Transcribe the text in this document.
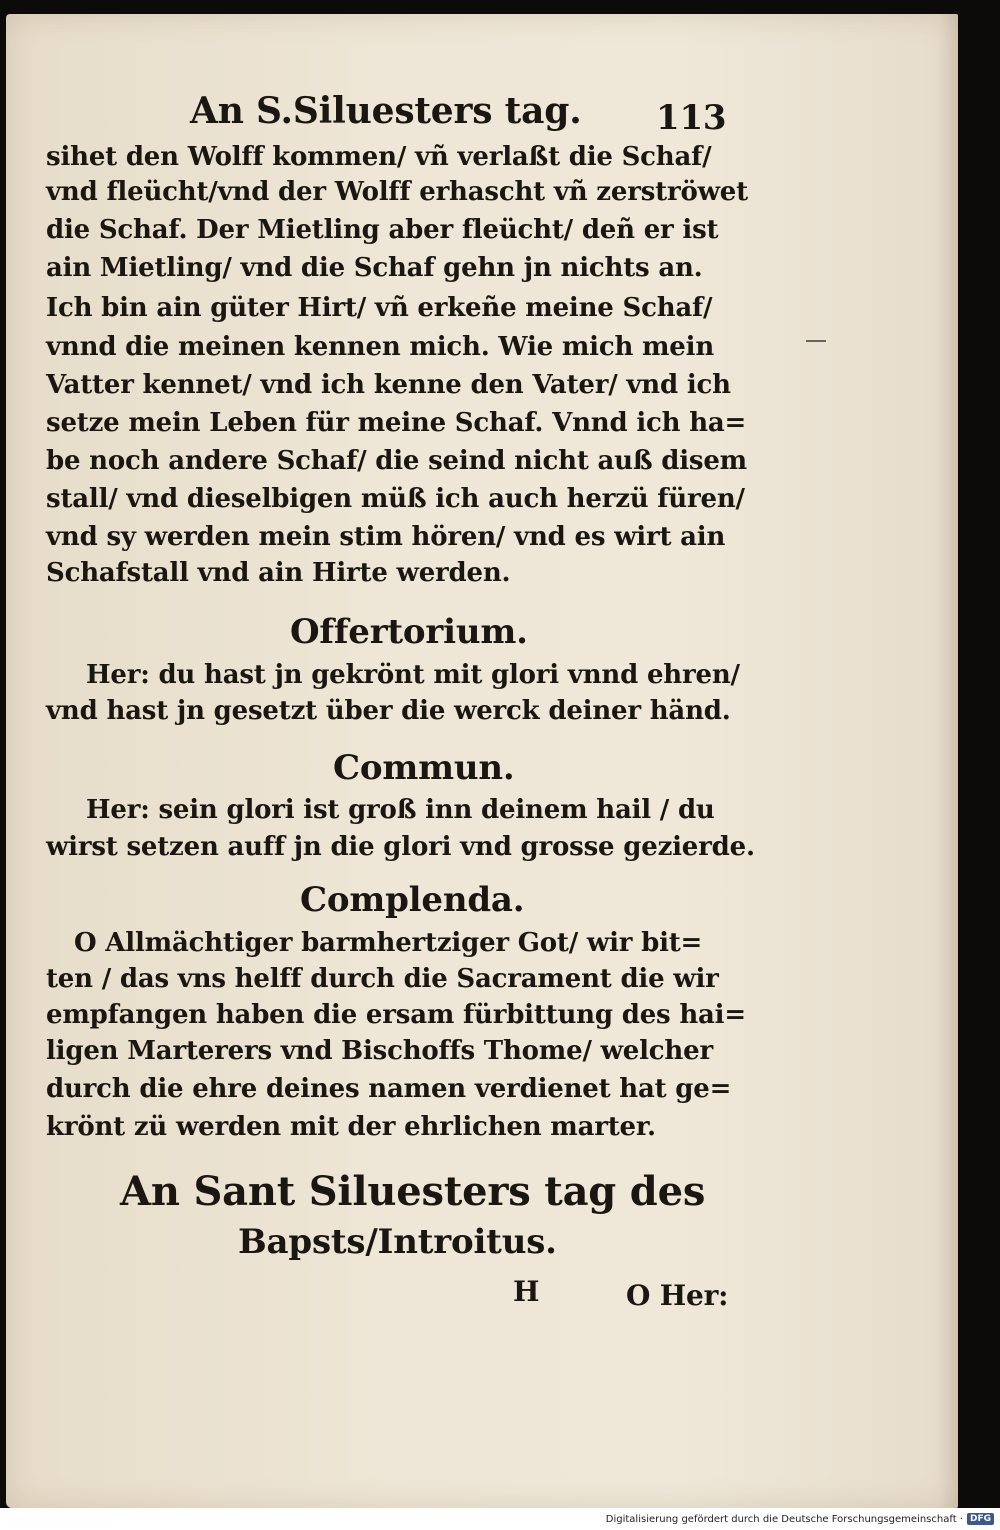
An S.Siluesters tag. 113
sihet den Wolff kommen/ vñ verlaßt die Schaf/
vnd fleücht/vnd der Wolff erhascht vñ zerströwet
die Schaf. Der Mietling aber fleücht/ deñ er ist
ain Mietling/ vnd die Schaf gehn jn nichts an.
Ich bin ain güter Hirt/ vñ erkeñe meine Schaf/
vnnd die meinen kennen mich. Wie mich mein
Vatter kennet/ vnd ich kenne den Vater/ vnd ich
setze mein Leben für meine Schaf. Vnnd ich ha=
be noch andere Schaf/ die seind nicht auß disem
stall/ vnd dieselbigen müß ich auch herzü füren/
vnd sy werden mein stim hören/ vnd es wirt ain
Schafstall vnd ain Hirte werden.
Offertorium.
Her: du hast jn gekrönt mit glori vnnd ehren/
vnd hast jn gesetzt über die werck deiner händ.
Commun.
Her: sein glori ist groß inn deinem hail / du
wirst setzen auff jn die glori vnd grosse gezierde.
Complenda.
O Allmächtiger barmhertziger Got/ wir bit=
ten / das vns helff durch die Sacrament die wir
empfangen haben die ersam fürbittung des hai=
ligen Marterers vnd Bischoffs Thome/ welcher
durch die ehre deines namen verdienet hat ge=
krönt zü werden mit der ehrlichen marter.
An Sant Siluesters tag des
Bapsts/Introitus.
H	O Her:
Digitalisierung gefördert durch die Deutsche Forschungsgemeinschaft · DFG
